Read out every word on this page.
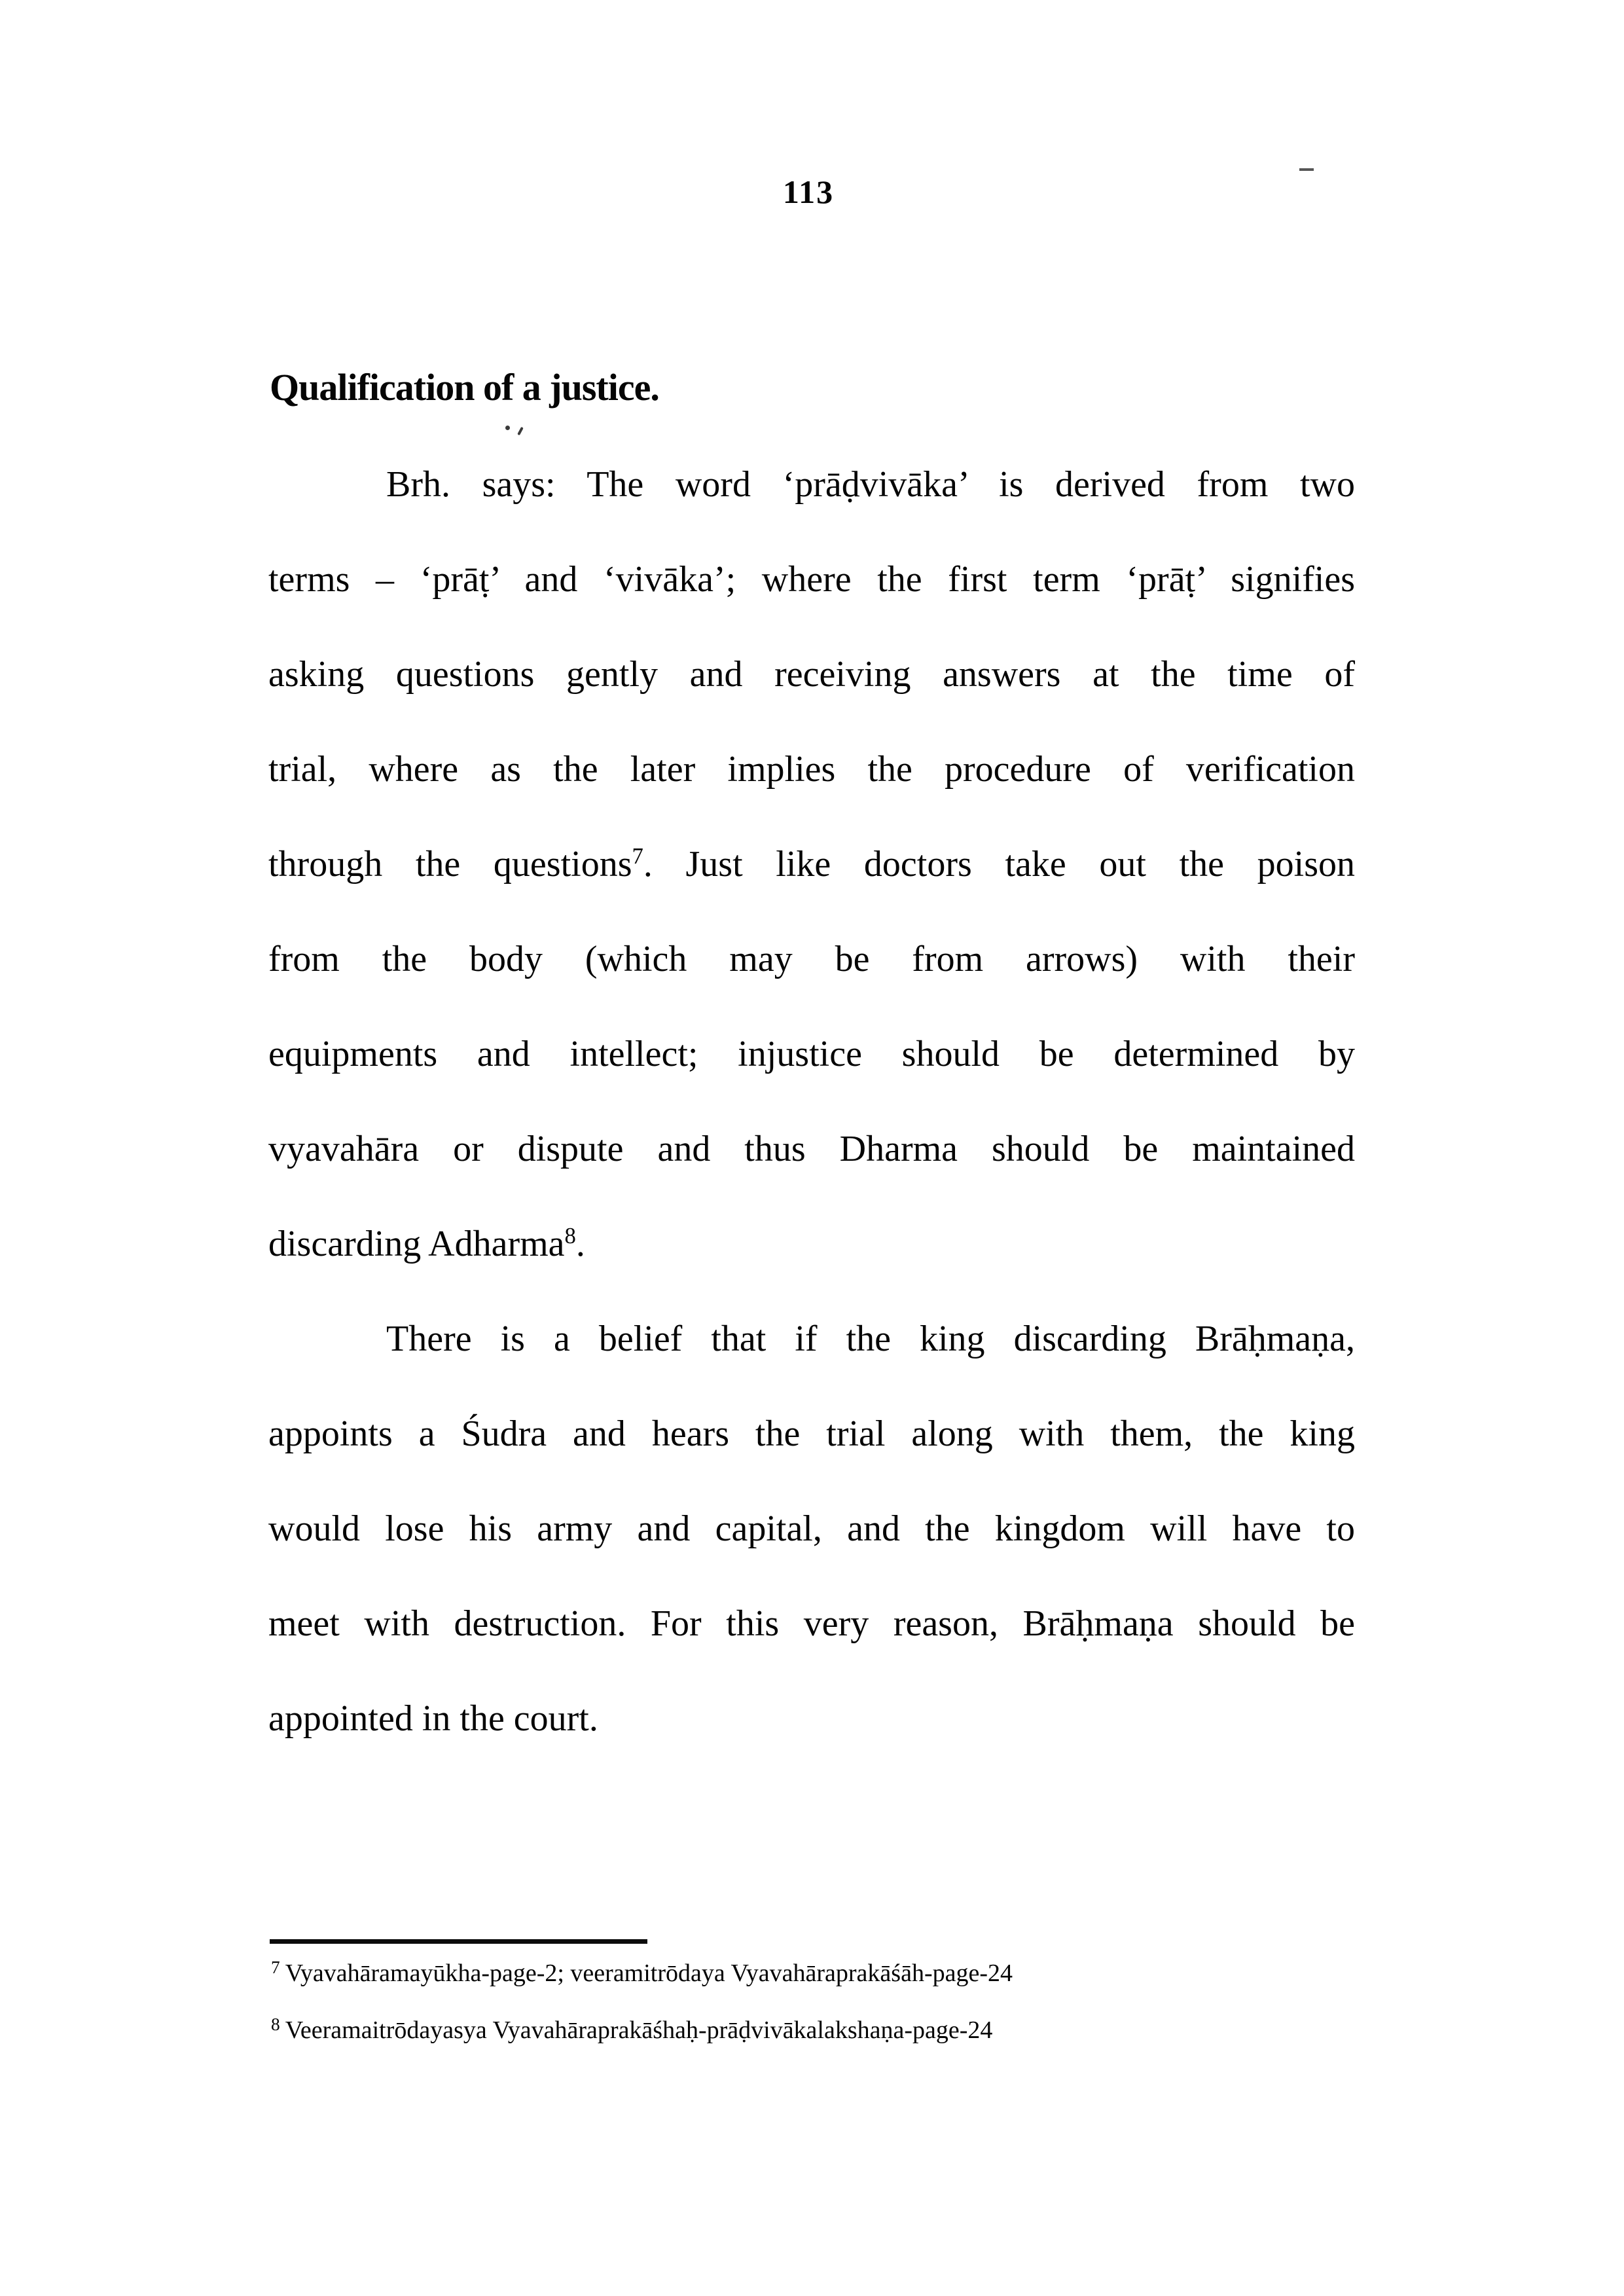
113
Qualification of a justice.
Brh. says: The word ‘prāḍvivāka’ is derived from two
terms – ‘prāṭ’ and ‘vivāka’; where the first term ‘prāṭ’ signifies
asking questions gently and receiving answers at the time of
trial, where as the later implies the procedure of verification
through the questions$^7$. Just like doctors take out the poison
from the body (which may be from arrows) with their
equipments and intellect; injustice should be determined by
vyavahāra or dispute and thus Dharma should be maintained
discarding Adharma$^8$.
There is a belief that if the king discarding Brāḥmaṇa,
appoints a Śudra and hears the trial along with them, the king
would lose his army and capital, and the kingdom will have to
meet with destruction. For this very reason, Brāḥmaṇa should be
appointed in the court.
$^7$ Vyavahāramayūkha-page-2; veeramitrōdaya Vyavahāraprakāśāh-page-24
$^8$ Veeramaitrōdayasya Vyavahāraprakāśhaḥ-prāḍvivākalakshaṇa-page-24
